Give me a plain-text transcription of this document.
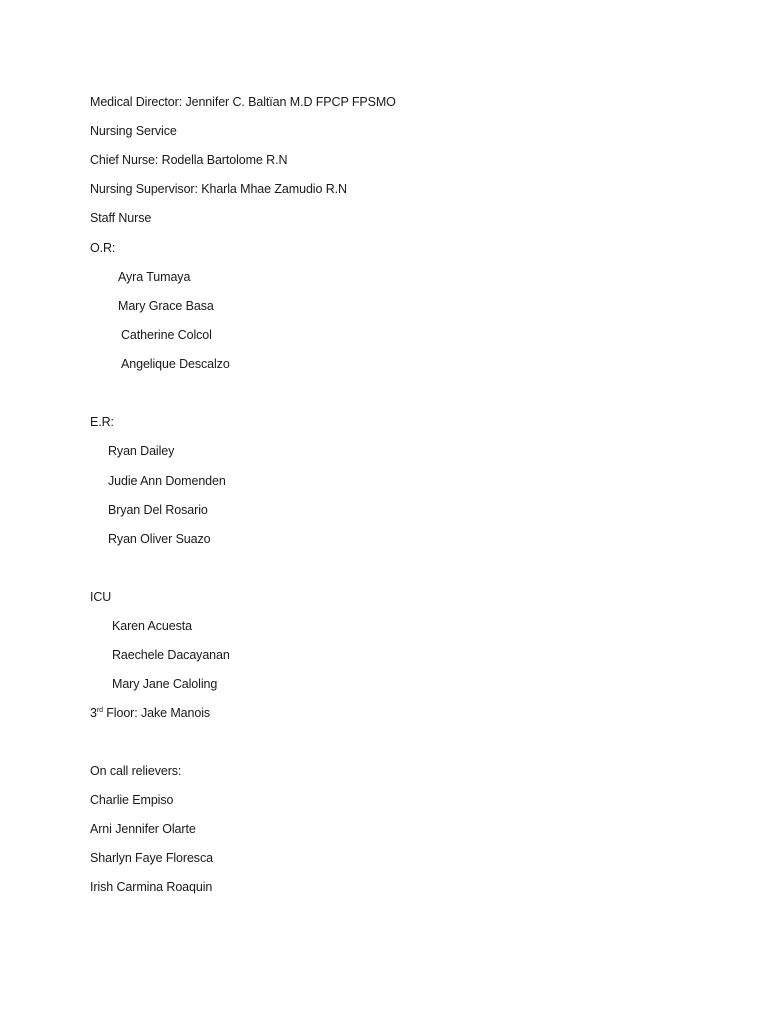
Medical Director: Jennifer C. Baltïan M.D FPCP FPSMO
Nursing Service
Chief Nurse: Rodella Bartolome R.N
Nursing Supervisor: Kharla Mhae Zamudio R.N
Staff Nurse
O.R:
Ayra Tumaya
Mary Grace Basa
Catherine Colcol
Angelique Descalzo
E.R:
Ryan Dailey
Judie Ann Domenden
Bryan Del Rosario
Ryan Oliver Suazo
ICU
Karen Acuesta
Raechele Dacayanan
Mary Jane Caloling
3rd Floor: Jake Manois
On call relievers:
Charlie Empiso
Arni Jennifer Olarte
Sharlyn Faye Floresca
Irish Carmina Roaquin
